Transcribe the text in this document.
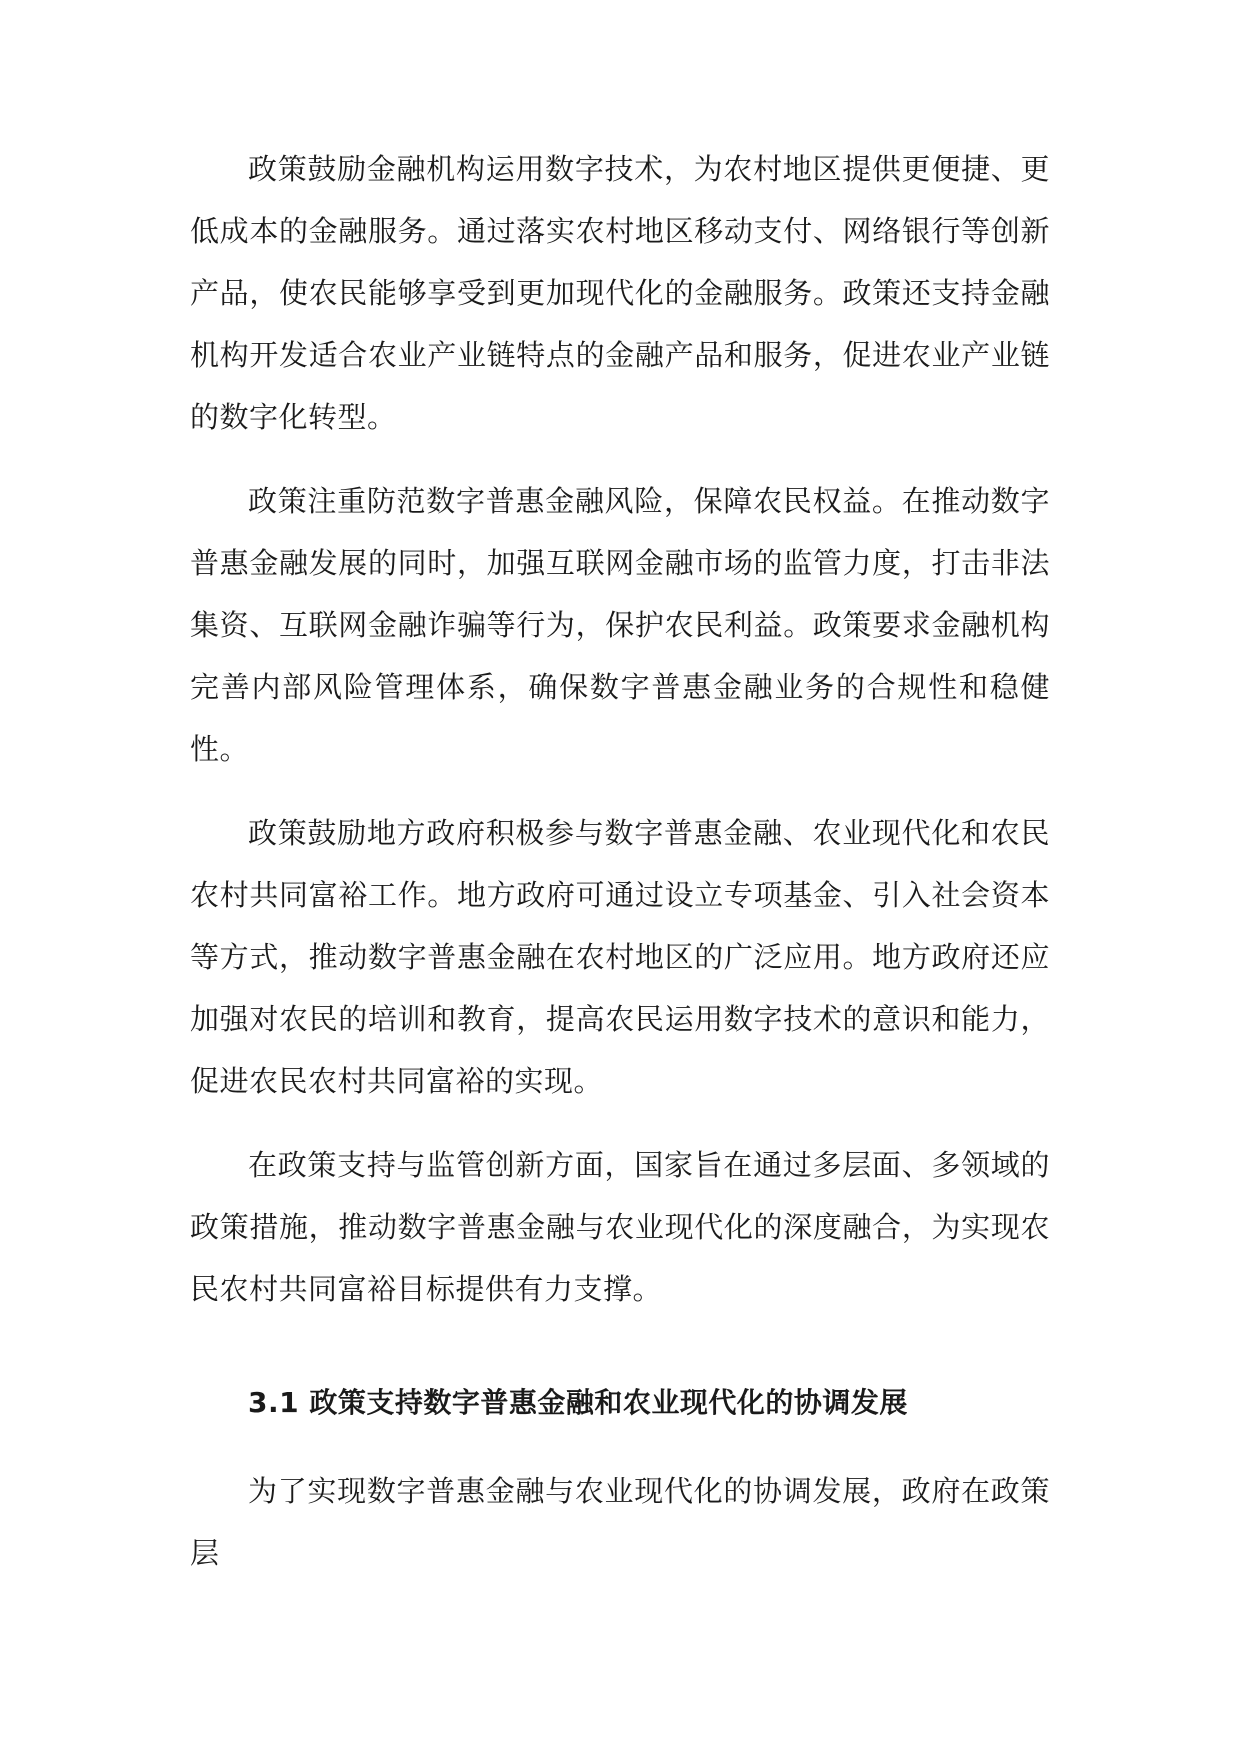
政策鼓励金融机构运用数字技术，为农村地区提供更便捷、更低成本的金融服务。通过落实农村地区移动支付、网络银行等创新产品，使农民能够享受到更加现代化的金融服务。政策还支持金融机构开发适合农业产业链特点的金融产品和服务，促进农业产业链的数字化转型。

政策注重防范数字普惠金融风险，保障农民权益。在推动数字普惠金融发展的同时，加强互联网金融市场的监管力度，打击非法集资、互联网金融诈骗等行为，保护农民利益。政策要求金融机构完善内部风险管理体系，确保数字普惠金融业务的合规性和稳健性。

政策鼓励地方政府积极参与数字普惠金融、农业现代化和农民农村共同富裕工作。地方政府可通过设立专项基金、引入社会资本等方式，推动数字普惠金融在农村地区的广泛应用。地方政府还应加强对农民的培训和教育，提高农民运用数字技术的意识和能力，促进农民农村共同富裕的实现。

在政策支持与监管创新方面，国家旨在通过多层面、多领域的政策措施，推动数字普惠金融与农业现代化的深度融合，为实现农民农村共同富裕目标提供有力支撑。

3.1 政策支持数字普惠金融和农业现代化的协调发展

为了实现数字普惠金融与农业现代化的协调发展，政府在政策层
